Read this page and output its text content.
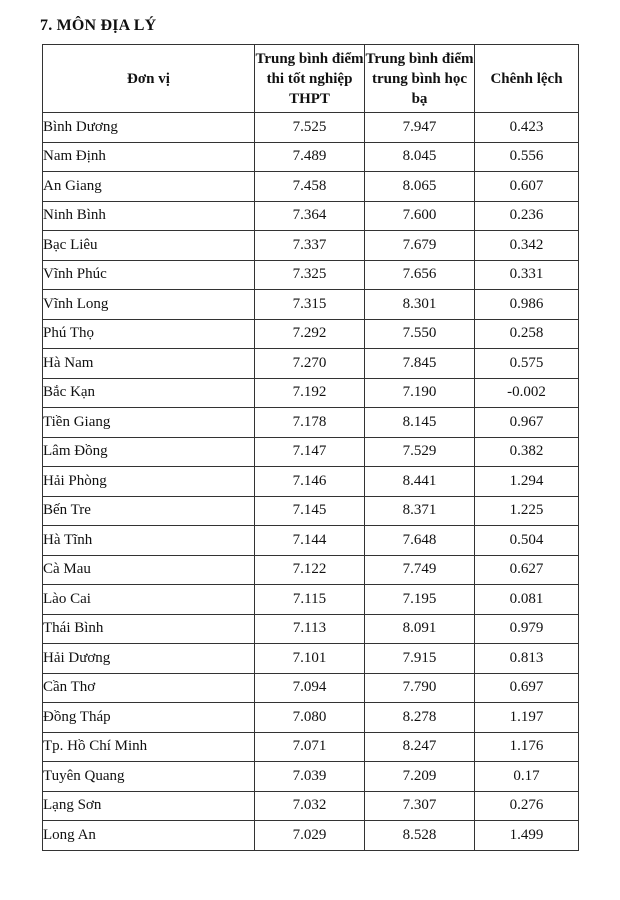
7. MÔN ĐỊA LÝ
Đơn vị	Trung bình điểm thi tốt nghiệp THPT	Trung bình điểm trung bình học bạ	Chênh lệch
Bình Dương	7.525	7.947	0.423
Nam Định	7.489	8.045	0.556
An Giang	7.458	8.065	0.607
Ninh Bình	7.364	7.600	0.236
Bạc Liêu	7.337	7.679	0.342
Vĩnh Phúc	7.325	7.656	0.331
Vĩnh Long	7.315	8.301	0.986
Phú Thọ	7.292	7.550	0.258
Hà Nam	7.270	7.845	0.575
Bắc Kạn	7.192	7.190	-0.002
Tiền Giang	7.178	8.145	0.967
Lâm Đồng	7.147	7.529	0.382
Hải Phòng	7.146	8.441	1.294
Bến Tre	7.145	8.371	1.225
Hà Tĩnh	7.144	7.648	0.504
Cà Mau	7.122	7.749	0.627
Lào Cai	7.115	7.195	0.081
Thái Bình	7.113	8.091	0.979
Hải Dương	7.101	7.915	0.813
Cần Thơ	7.094	7.790	0.697
Đồng Tháp	7.080	8.278	1.197
Tp. Hồ Chí Minh	7.071	8.247	1.176
Tuyên Quang	7.039	7.209	0.17
Lạng Sơn	7.032	7.307	0.276
Long An	7.029	8.528	1.499
